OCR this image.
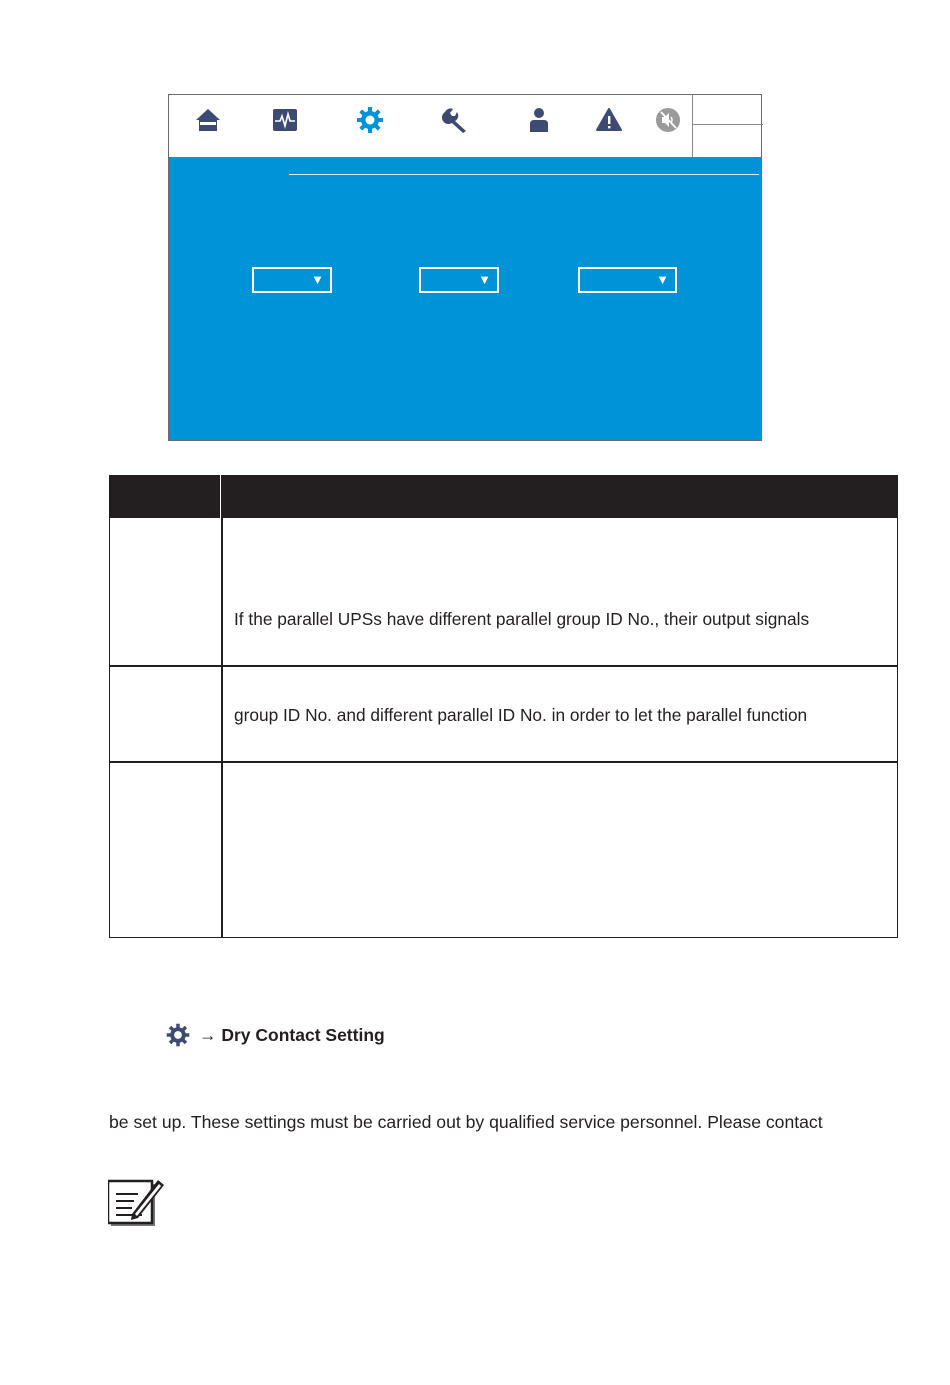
▼	▼	▼
If the parallel UPSs have different parallel group ID No., their output signals
group ID No. and different parallel ID No. in order to let the parallel function
→ Dry Contact Setting
be set up. These settings must be carried out by qualified service personnel. Please contact
